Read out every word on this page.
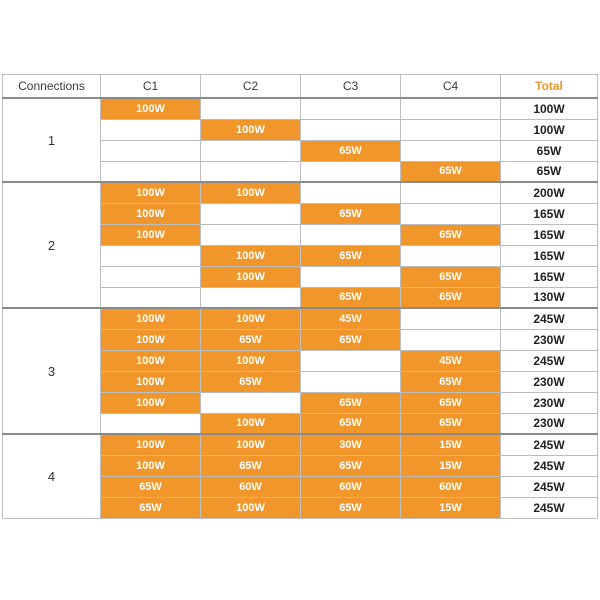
Connections	C1	C2	C3	C4	Total
1	100W				100W
		100W			100W
			65W		65W
				65W	65W
2	100W	100W			200W
	100W		65W		165W
	100W			65W	165W
		100W	65W		165W
		100W		65W	165W
			65W	65W	130W
3	100W	100W	45W		245W
	100W	65W	65W		230W
	100W	100W		45W	245W
	100W	65W		65W	230W
	100W		65W	65W	230W
		100W	65W	65W	230W
4	100W	100W	30W	15W	245W
	100W	65W	65W	15W	245W
	65W	60W	60W	60W	245W
	65W	100W	65W	15W	245W
